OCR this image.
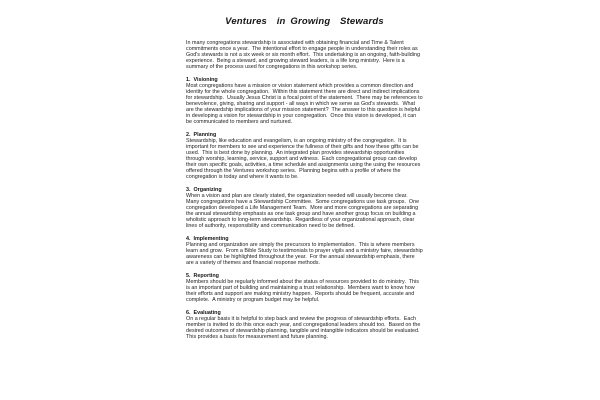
Ventures  in Growing  Stewards

In many congregations stewardship is associated with obtaining financial and Time & Talent commitments once a year.  The intentional effort to engage people in understanding their roles as God's stewards is not a six week or six month effort.  This undertaking is an ongoing, faith-building experience.  Being a steward, and growing steward leaders, is a life long ministry.  Here is a summary of the process used for congregations in this workshop series.

1.  Visioning

Most congregations have a mission or vision statement which provides a common direction and identity for the whole congregation.  Within this statement there are direct and indirect implications for stewardship.  Usually Jesus Christ is a focal point of the statement.  There may be references to benevolence, giving, sharing and support - all ways in which we serve as God's stewards.  What are the stewardship implications of your mission statement?  The answer to this question is helpful in developing a vision for stewardship in your congregation.  Once this vision is developed, it can be communicated to members and nurtured.

2.  Planning

Stewardship, like education and evangelism, is an ongoing ministry of the congregation.  It is important for members to see and experience the fullness of their gifts and how these gifts can be used.  This is best done by planning.  An integrated plan provides stewardship opportunities through worship, learning, service, support and witness.  Each congregational group can develop their own specific goals, activities, a time schedule and assignments using the using the resources offered through the Ventures workshop series.  Planning begins with a profile of where the congregation is today and where it wants to be.

3.  Organizing

When a vision and plan are clearly stated, the organization needed will usually become clear.  Many congregations have a Stewardship Committee.  Some congregations use task groups.  One congregation developed a Life Management Team.  More and more congregations are separating the annual stewardship emphasis as one task group and have another group focus on building a wholistic approach to long-term stewardship.  Regardless of your organizational approach, clear lines of authority, responsibility and communication need to be defined.

4.  Implementing

Planning and organization are simply the precursors to implementation.  This is where members learn and grow.  From a Bible Study to testimonials to prayer vigils and a ministry faire, stewardship awareness can be highlighted throughout the year.  For the annual stewardship emphasis, there are a variety of themes and financial response methods.

5.  Reporting

Members should be regularly informed about the status of resources provided to do ministry.  This is an important part of building and maintaining a trust relationship.  Members want to know how their efforts and support are making ministry happen.  Reports should be frequent, accurate and complete.  A ministry or program budget may be helpful.

6.  Evaluating

On a regular basis it is helpful to step back and review the progress of stewardship efforts.  Each member is invited to do this once each year, and congregational leaders should too.  Based on the desired outcomes of stewardship planning, tangible and intangible indicators should be evaluated.  This provides a basis for measurement and future planning.
